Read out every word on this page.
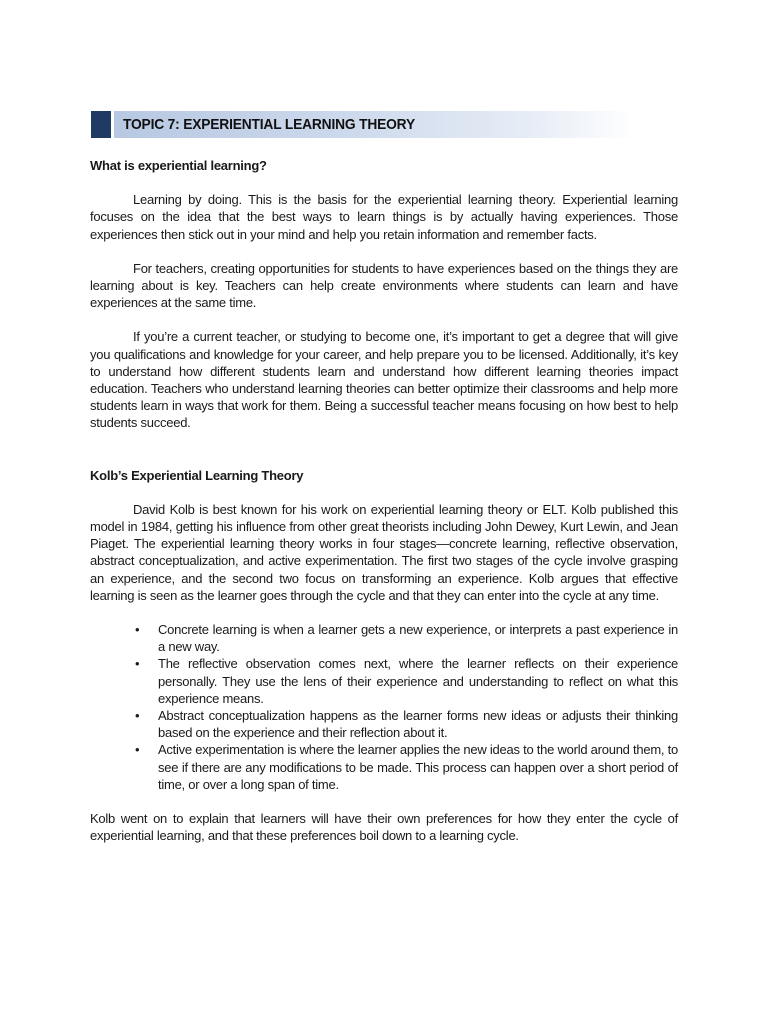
TOPIC 7: EXPERIENTIAL LEARNING THEORY

What is experiential learning?

Learning by doing. This is the basis for the experiential learning theory. Experiential learning focuses on the idea that the best ways to learn things is by actually having experiences. Those experiences then stick out in your mind and help you retain information and remember facts.

For teachers, creating opportunities for students to have experiences based on the things they are learning about is key. Teachers can help create environments where students can learn and have experiences at the same time.

If you’re a current teacher, or studying to become one, it’s important to get a degree that will give you qualifications and knowledge for your career, and help prepare you to be licensed. Additionally, it’s key to understand how different students learn and understand how different learning theories impact education. Teachers who understand learning theories can better optimize their classrooms and help more students learn in ways that work for them. Being a successful teacher means focusing on how best to help students succeed.

Kolb’s Experiential Learning Theory

David Kolb is best known for his work on experiential learning theory or ELT. Kolb published this model in 1984, getting his influence from other great theorists including John Dewey, Kurt Lewin, and Jean Piaget. The experiential learning theory works in four stages—concrete learning, reflective observation, abstract conceptualization, and active experimentation. The first two stages of the cycle involve grasping an experience, and the second two focus on transforming an experience. Kolb argues that effective learning is seen as the learner goes through the cycle and that they can enter into the cycle at any time.

• Concrete learning is when a learner gets a new experience, or interprets a past experience in a new way.
• The reflective observation comes next, where the learner reflects on their experience personally. They use the lens of their experience and understanding to reflect on what this experience means.
• Abstract conceptualization happens as the learner forms new ideas or adjusts their thinking based on the experience and their reflection about it.
• Active experimentation is where the learner applies the new ideas to the world around them, to see if there are any modifications to be made. This process can happen over a short period of time, or over a long span of time.

Kolb went on to explain that learners will have their own preferences for how they enter the cycle of experiential learning, and that these preferences boil down to a learning cycle.
